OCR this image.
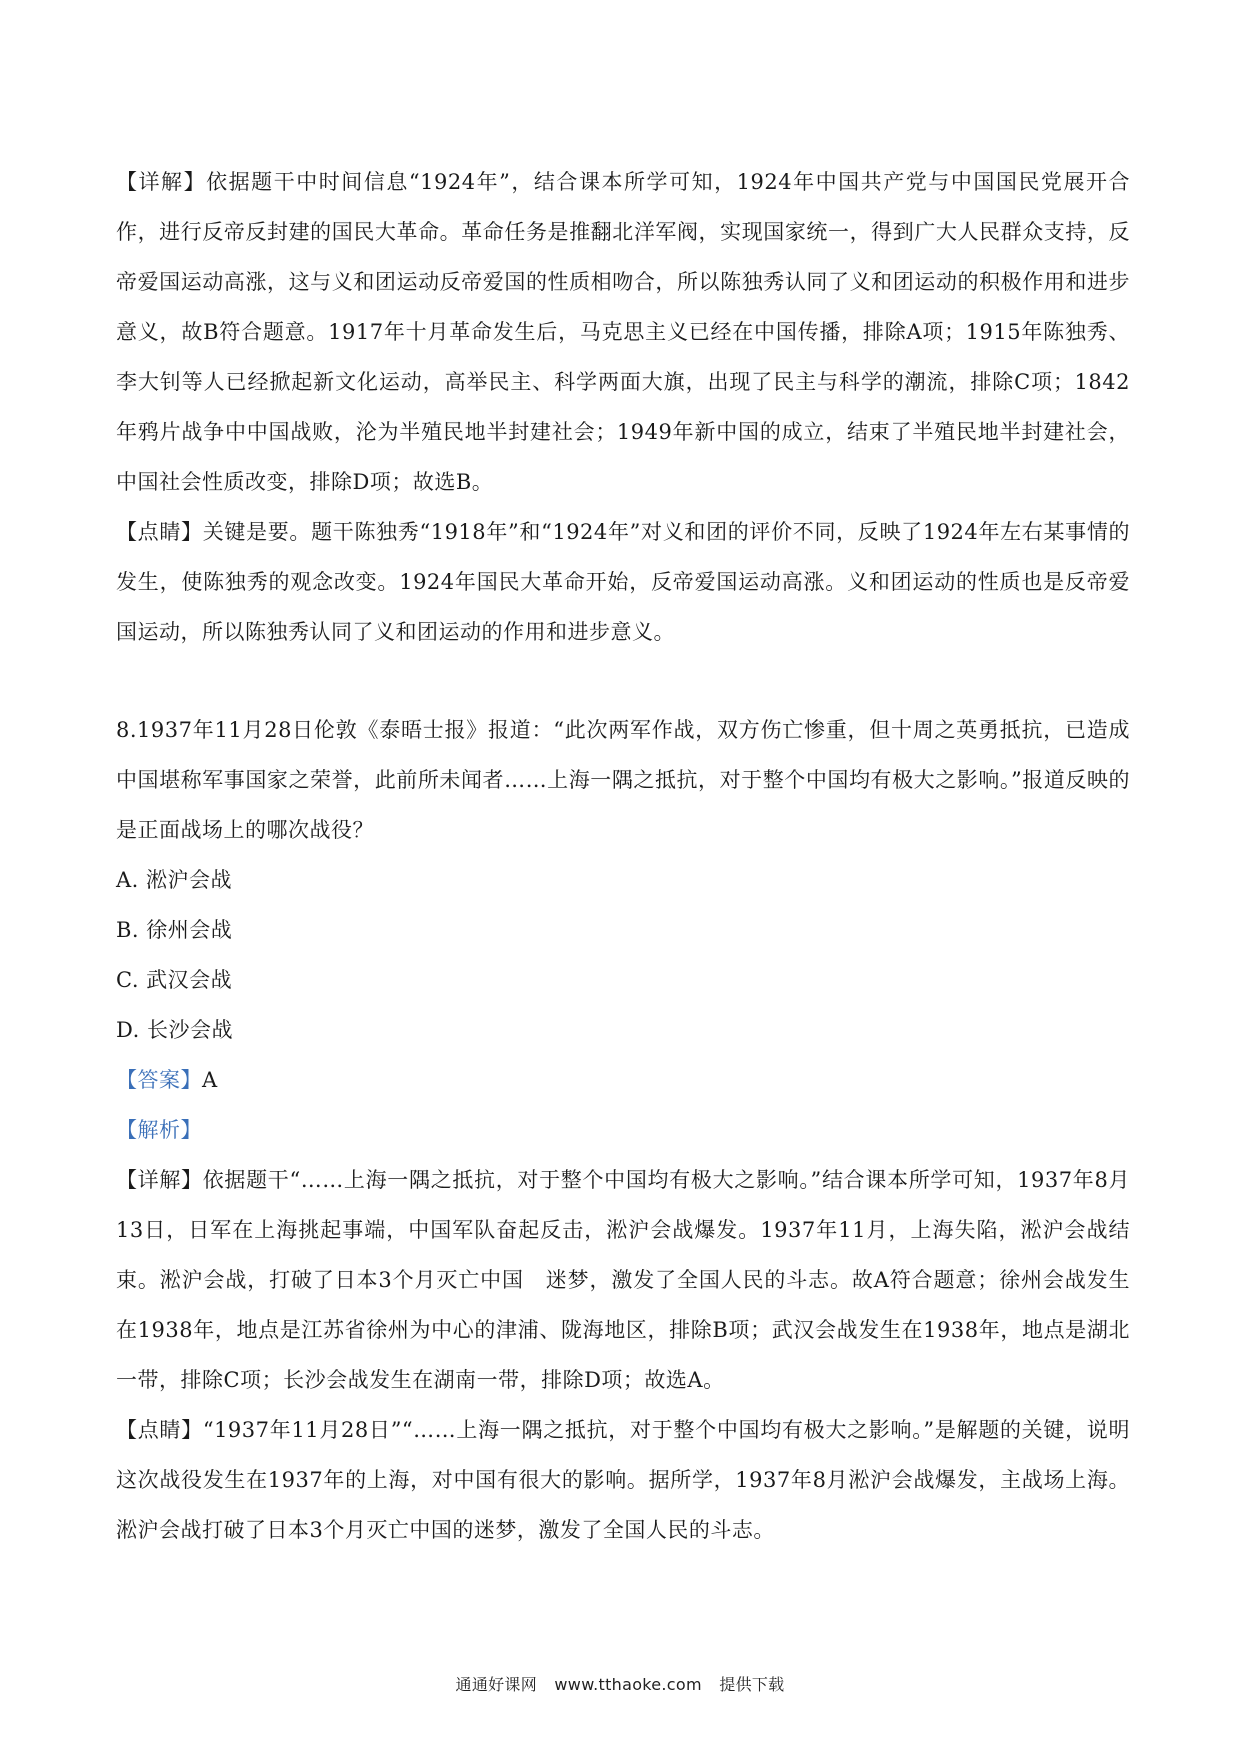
【详解】依据题干中时间信息“1924年”，结合课本所学可知，1924年中国共产党与中国国民党展开合作，进行反帝反封建的国民大革命。革命任务是推翻北洋军阀，实现国家统一，得到广大人民群众支持，反帝爱国运动高涨，这与义和团运动反帝爱国的性质相吻合，所以陈独秀认同了义和团运动的积极作用和进步意义，故B符合题意。1917年十月革命发生后，马克思主义已经在中国传播，排除A项；1915年陈独秀、李大钊等人已经掀起新文化运动，高举民主、科学两面大旗，出现了民主与科学的潮流，排除C项；1842年鸦片战争中中国战败，沦为半殖民地半封建社会；1949年新中国的成立，结束了半殖民地半封建社会，中国社会性质改变，排除D项；故选B。

【点睛】关键是要。题干陈独秀“1918年”和“1924年”对义和团的评价不同，反映了1924年左右某事情的发生，使陈独秀的观念改变。1924年国民大革命开始，反帝爱国运动高涨。义和团运动的性质也是反帝爱国运动，所以陈独秀认同了义和团运动的作用和进步意义。

8.1937年11月28日伦敦《泰晤士报》报道：“此次两军作战，双方伤亡惨重，但十周之英勇抵抗，已造成中国堪称军事国家之荣誉，此前所未闻者……上海一隅之抵抗，对于整个中国均有极大之影响。”报道反映的是正面战场上的哪次战役？

A. 淞沪会战

B. 徐州会战

C. 武汉会战

D. 长沙会战

【答案】A

【解析】

【详解】依据题干“……上海一隅之抵抗，对于整个中国均有极大之影响。”结合课本所学可知，1937年8月13日，日军在上海挑起事端，中国军队奋起反击，淞沪会战爆发。1937年11月，上海失陷，淞沪会战结束。淞沪会战，打破了日本3个月灭亡中国　迷梦，激发了全国人民的斗志。故A符合题意；徐州会战发生在1938年，地点是江苏省徐州为中心的津浦、陇海地区，排除B项；武汉会战发生在1938年，地点是湖北一带，排除C项；长沙会战发生在湖南一带，排除D项；故选A。

【点睛】“1937年11月28日”“……上海一隅之抵抗，对于整个中国均有极大之影响。”是解题的关键，说明这次战役发生在1937年的上海，对中国有很大的影响。据所学，1937年8月淞沪会战爆发，主战场上海。淞沪会战打破了日本3个月灭亡中国的迷梦，激发了全国人民的斗志。

通通好课网 www.tthaoke.com 提供下载
